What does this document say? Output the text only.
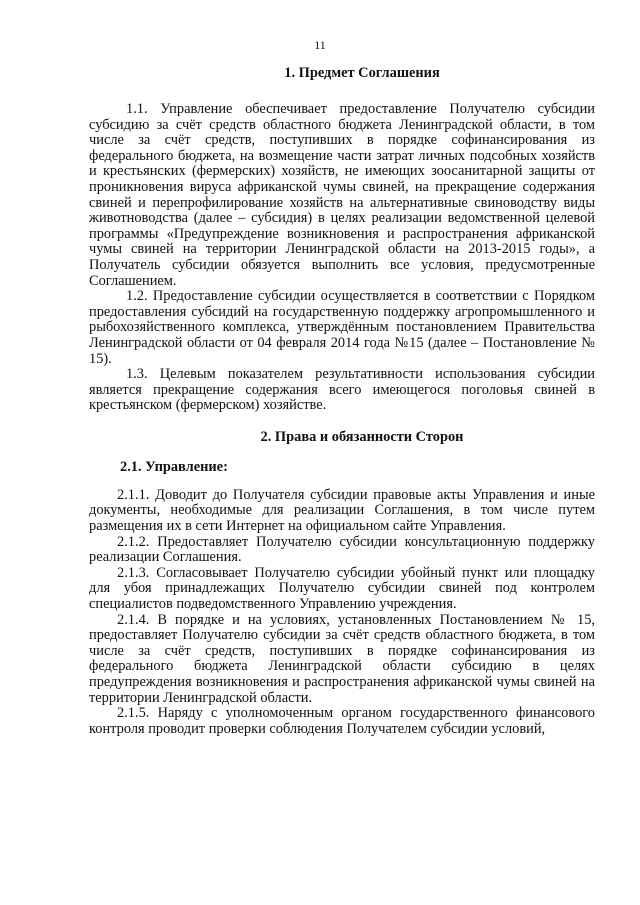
11
1. Предмет Соглашения

1.1. Управление обеспечивает предоставление Получателю субсидии субсидию за счёт средств областного бюджета Ленинградской области, в том числе за счёт средств, поступивших в порядке софинансирования из федерального бюджета, на возмещение части затрат личных подсобных хозяйств и крестьянских (фермерских) хозяйств, не имеющих зоосанитарной защиты от проникновения вируса африканской чумы свиней, на прекращение содержания свиней и перепрофилирование хозяйств на альтернативные свиноводству виды животноводства (далее – субсидия) в целях реализации ведомственной целевой программы «Предупреждение возникновения и распространения африканской чумы свиней на территории Ленинградской области на 2013-2015 годы», а Получатель субсидии обязуется выполнить все условия, предусмотренные Соглашением.

1.2. Предоставление субсидии осуществляется в соответствии с Порядком предоставления субсидий на государственную поддержку агропромышленного и рыбохозяйственного комплекса, утверждённым постановлением Правительства Ленинградской области от 04 февраля 2014 года №15 (далее – Постановление № 15).

1.3. Целевым показателем результативности использования субсидии является прекращение содержания всего имеющегося поголовья свиней в крестьянском (фермерском) хозяйстве.

2. Права и обязанности Сторон
2.1. Управление:

2.1.1. Доводит до Получателя субсидии правовые акты Управления и иные документы, необходимые для реализации Соглашения, в том числе путем размещения их в сети Интернет на официальном сайте Управления.

2.1.2. Предоставляет Получателю субсидии консультационную поддержку реализации Соглашения.

2.1.3. Согласовывает Получателю субсидии убойный пункт или площадку для убоя принадлежащих Получателю субсидии свиней под контролем специалистов подведомственного Управлению учреждения.

2.1.4. В порядке и на условиях, установленных Постановлением № 15, предоставляет Получателю субсидии за счёт средств областного бюджета, в том числе за счёт средств, поступивших в порядке софинансирования из федерального бюджета Ленинградской области субсидию в целях предупреждения возникновения и распространения африканской чумы свиней на территории Ленинградской области.

2.1.5. Наряду с уполномоченным органом государственного финансового контроля проводит проверки соблюдения Получателем субсидии условий,
